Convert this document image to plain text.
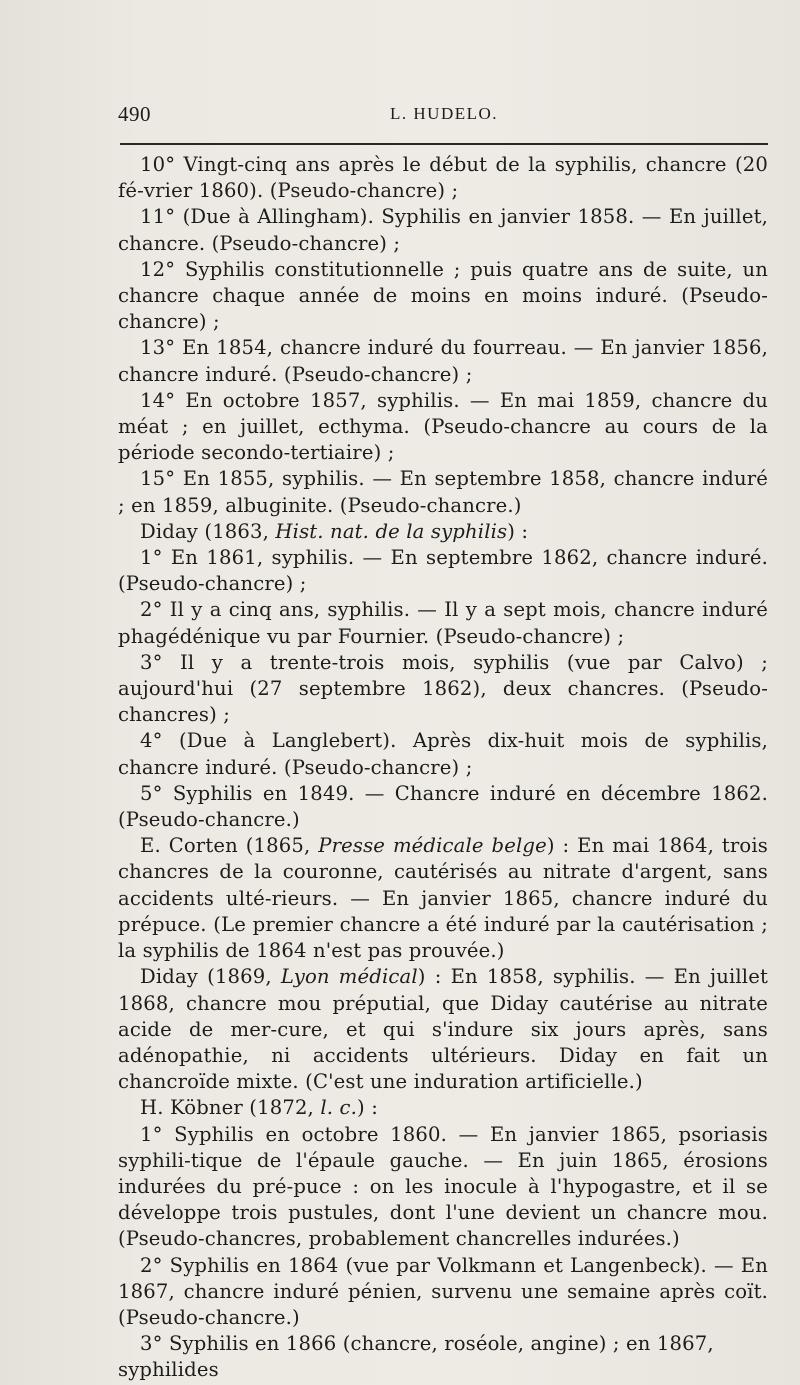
490	L. HUDELO.

10° Vingt-cinq ans après le début de la syphilis, chancre (20 fé-vrier 1860). (Pseudo-chancre) ;

11° (Due à Allingham). Syphilis en janvier 1858. — En juillet, chancre. (Pseudo-chancre) ;

12° Syphilis constitutionnelle ; puis quatre ans de suite, un chancre chaque année de moins en moins induré. (Pseudo-chancre) ;

13° En 1854, chancre induré du fourreau. — En janvier 1856, chancre induré. (Pseudo-chancre) ;

14° En octobre 1857, syphilis. — En mai 1859, chancre du méat ; en juillet, ecthyma. (Pseudo-chancre au cours de la période secondo-tertiaire) ;

15° En 1855, syphilis. — En septembre 1858, chancre induré ; en 1859, albuginite. (Pseudo-chancre.)

Diday (1863, Hist. nat. de la syphilis) :

1° En 1861, syphilis. — En septembre 1862, chancre induré. (Pseudo-chancre) ;

2° Il y a cinq ans, syphilis. — Il y a sept mois, chancre induré phagédénique vu par Fournier. (Pseudo-chancre) ;

3° Il y a trente-trois mois, syphilis (vue par Calvo) ; aujourd'hui (27 septembre 1862), deux chancres. (Pseudo-chancres) ;

4° (Due à Langlebert). Après dix-huit mois de syphilis, chancre induré. (Pseudo-chancre) ;

5° Syphilis en 1849. — Chancre induré en décembre 1862. (Pseudo-chancre.)

E. Corten (1865, Presse médicale belge) : En mai 1864, trois chancres de la couronne, cautérisés au nitrate d'argent, sans accidents ulté-rieurs. — En janvier 1865, chancre induré du prépuce. (Le premier chancre a été induré par la cautérisation ; la syphilis de 1864 n'est pas prouvée.)

Diday (1869, Lyon médical) : En 1858, syphilis. — En juillet 1868, chancre mou préputial, que Diday cautérise au nitrate acide de mer-cure, et qui s'indure six jours après, sans adénopathie, ni accidents ultérieurs. Diday en fait un chancroïde mixte. (C'est une induration artificielle.)

H. Köbner (1872, l. c.) :

1° Syphilis en octobre 1860. — En janvier 1865, psoriasis syphili-tique de l'épaule gauche. — En juin 1865, érosions indurées du pré-puce : on les inocule à l'hypogastre, et il se développe trois pustules, dont l'une devient un chancre mou. (Pseudo-chancres, probablement chancrelles indurées.)

2° Syphilis en 1864 (vue par Volkmann et Langenbeck). — En 1867, chancre induré pénien, survenu une semaine après coït. (Pseudo-chancre.)

3° Syphilis en 1866 (chancre, roséole, angine) ; en 1867, syphilides
